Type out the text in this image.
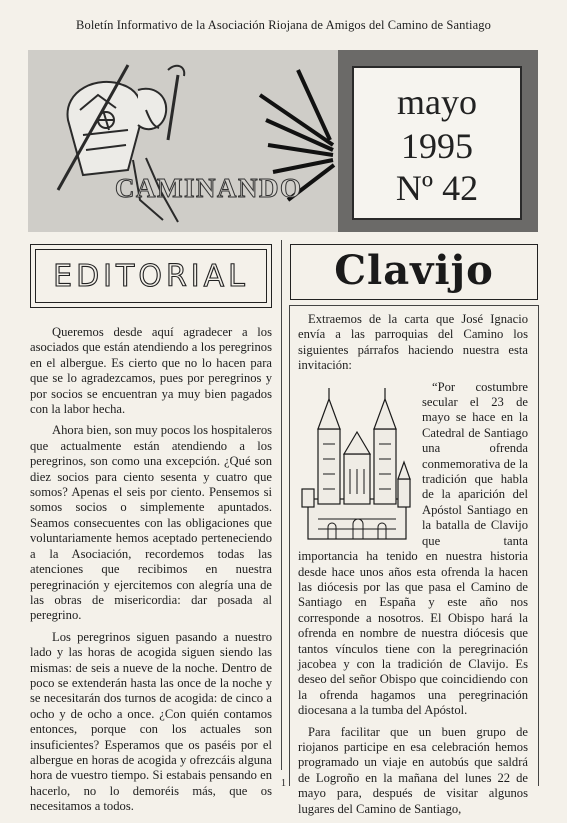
Boletín Informativo de la Asociación Riojana de Amigos del Camino de Santiago
mayo
1995
Nº 42
CAMINANDO
EDITORIAL	Clavijo

Queremos desde aquí agradecer a los asociados que están atendiendo a los peregrinos en el albergue. Es cierto que no lo hacen para que se lo agradezcamos, pues por peregrinos y por socios se encuentran ya muy bien pagados con la labor hecha.

Ahora bien, son muy pocos los hospitaleros que actualmente están atendiendo a los peregrinos, son como una excepción. ¿Qué son diez socios para ciento sesenta y cuatro que somos? Apenas el seis por ciento. Pensemos si somos socios o simplemente apuntados. Seamos consecuentes con las obligaciones que voluntariamente hemos aceptado perteneciendo a la Asociación, recordemos todas las atenciones que recibimos en nuestra peregrinación y ejercitemos con alegría una de las obras de misericordia: dar posada al peregrino.

Los peregrinos siguen pasando a nuestro lado y las horas de acogida siguen siendo las mismas: de seis a nueve de la noche. Dentro de poco se extenderán hasta las once de la noche y se necesitarán dos turnos de acogida: de cinco a ocho y de ocho a once. ¿Con quién contamos entonces, porque con los actuales son insuficientes? Esperamos que os paséis por el albergue en horas de acogida y ofrezcáis alguna hora de vuestro tiempo. Si estabais pensando en hacerlo, no lo demoréis más, que os necesitamos a todos.

Extraemos de la carta que José Ignacio envía a las parroquias del Camino los siguientes párrafos haciendo nuestra esta invitación:

“Por costumbre secular el 23 de mayo se hace en la Catedral de Santiago una ofrenda conmemorativa de la tradición que habla de la aparición del Apóstol Santiago en la batalla de Clavijo que tanta importancia ha tenido en nuestra historia desde hace unos años esta ofrenda la hacen las diócesis por las que pasa el Camino de Santiago en España y este año nos corresponde a nosotros. El Obispo hará la ofrenda en nombre de nuestra diócesis que tantos vínculos tiene con la peregrinación jacobea y con la tradición de Clavijo. Es deseo del señor Obispo que coincidiendo con la ofrenda hagamos una peregrinación diocesana a la tumba del Apóstol.

Para facilitar que un buen grupo de riojanos participe en esa celebración hemos programado un viaje en autobús que saldrá de Logroño en la mañana del lunes 22 de mayo para, después de visitar algunos lugares del Camino de Santiago,

1
